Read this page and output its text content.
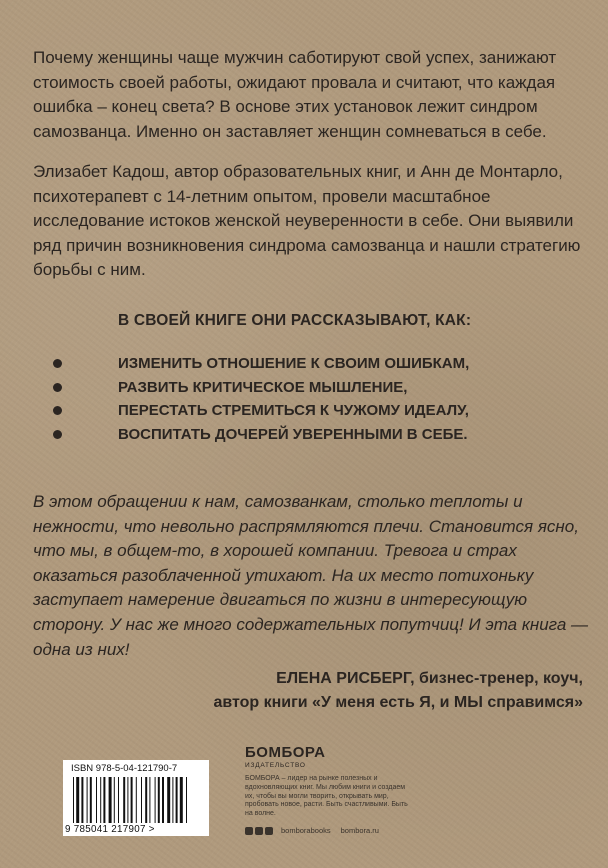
Почему женщины чаще мужчин саботируют свой успех, занижают стоимость своей работы, ожидают провала и считают, что каждая ошибка – конец света? В основе этих установок лежит синдром самозванца. Именно он заставляет женщин сомневаться в себе.
Элизабет Кадош, автор образовательных книг, и Анн де Монтарло, психотерапевт с 14-летним опытом, провели масштабное исследование истоков женской неуверенности в себе. Они выявили ряд причин возникновения синдрома самозванца и нашли стратегию борьбы с ним.
В СВОЕЙ КНИГЕ ОНИ РАССКАЗЫВАЮТ, КАК:
ИЗМЕНИТЬ ОТНОШЕНИЕ К СВОИМ ОШИБКАМ,
РАЗВИТЬ КРИТИЧЕСКОЕ МЫШЛЕНИЕ,
ПЕРЕСТАТЬ СТРЕМИТЬСЯ К ЧУЖОМУ ИДЕАЛУ,
ВОСПИТАТЬ ДОЧЕРЕЙ УВЕРЕННЫМИ В СЕБЕ.
В этом обращении к нам, самозванкам, столько теплоты и нежности, что невольно распрямляются плечи. Становится ясно, что мы, в общем-то, в хорошей компании. Тревога и страх оказаться разоблаченной утихают. На их место потихоньку заступает намерение двигаться по жизни в интересующую сторону. У нас же много содержательных попутчиц! И эта книга — одна из них!
ЕЛЕНА РИСБЕРГ, бизнес-тренер, коуч,
автор книги «У меня есть Я, и МЫ справимся»
ISBN 978-5-04-121790-7
9 785041 217907 >
БОМБОРА
ИЗДАТЕЛЬСТВО
БОМБОРА – лидер на рынке полезных и вдохновляющих книг. Мы любим книги и создаем их, чтобы вы могли творить, открывать мир, пробовать новое, расти. Быть счастливыми. Быть на волне.
bomborabooks bombora.ru
